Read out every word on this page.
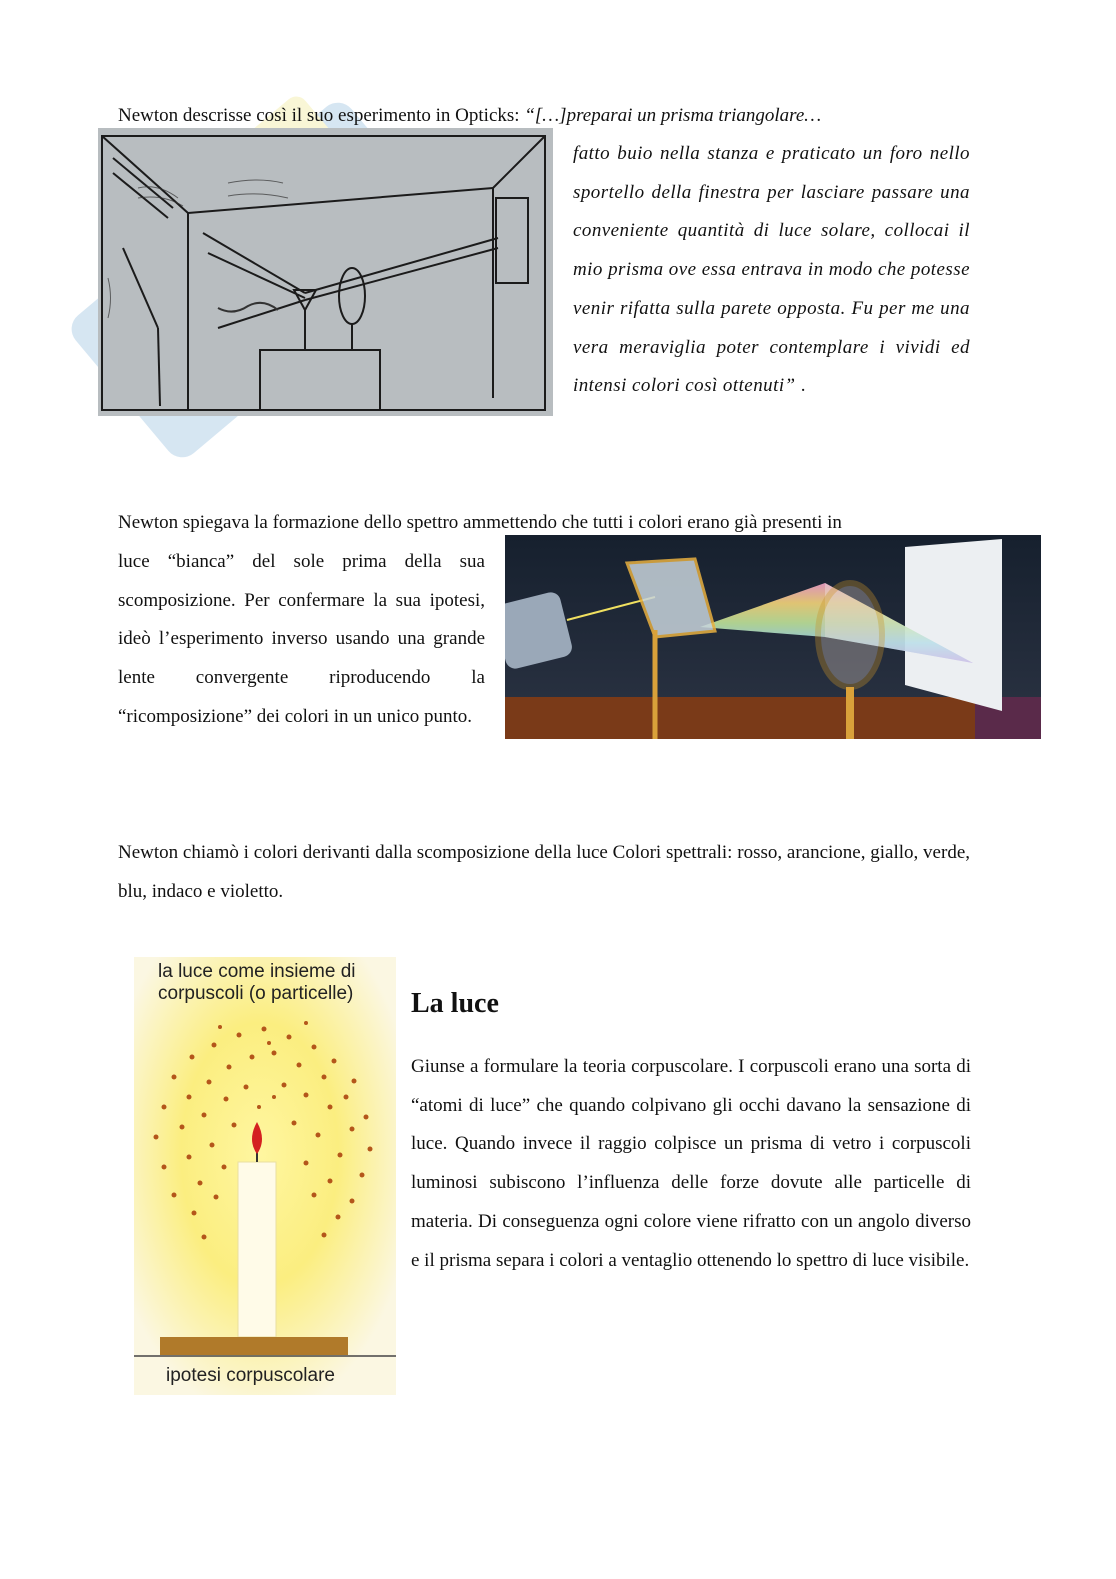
Newton descrisse così il suo esperimento in Opticks: “[…]preparai un prisma triangolare…
fatto buio nella stanza e praticato un foro nello sportello della finestra per lasciare passare una conveniente quantità di luce solare, collocai il mio prisma ove essa entrava in modo che potesse venir rifatta sulla parete opposta. Fu per me una vera meraviglia poter contemplare i vividi ed intensi colori così ottenuti” .
Newton spiegava la formazione dello spettro ammettendo che tutti i colori erano già presenti in
luce “bianca” del sole prima della sua scomposizione. Per confermare la sua ipotesi, ideò l’esperimento inverso usando una grande lente convergente riproducendo la “ricomposizione” dei colori in un unico punto.
Newton chiamò i colori derivanti dalla scomposizione della luce Colori spettrali: rosso, arancione, giallo, verde, blu, indaco e violetto.
la luce come insieme di
corpuscoli (o particelle)
ipotesi corpuscolare
La luce
Giunse a formulare la teoria corpuscolare. I corpuscoli erano una sorta di “atomi di luce” che quando colpivano gli occhi davano la sensazione di luce. Quando invece il raggio colpisce un prisma di vetro i corpuscoli luminosi subiscono l’influenza delle forze dovute alle particelle di materia. Di conseguenza ogni colore viene rifratto con un angolo diverso e il prisma separa i colori a ventaglio ottenendo lo spettro di luce visibile.
